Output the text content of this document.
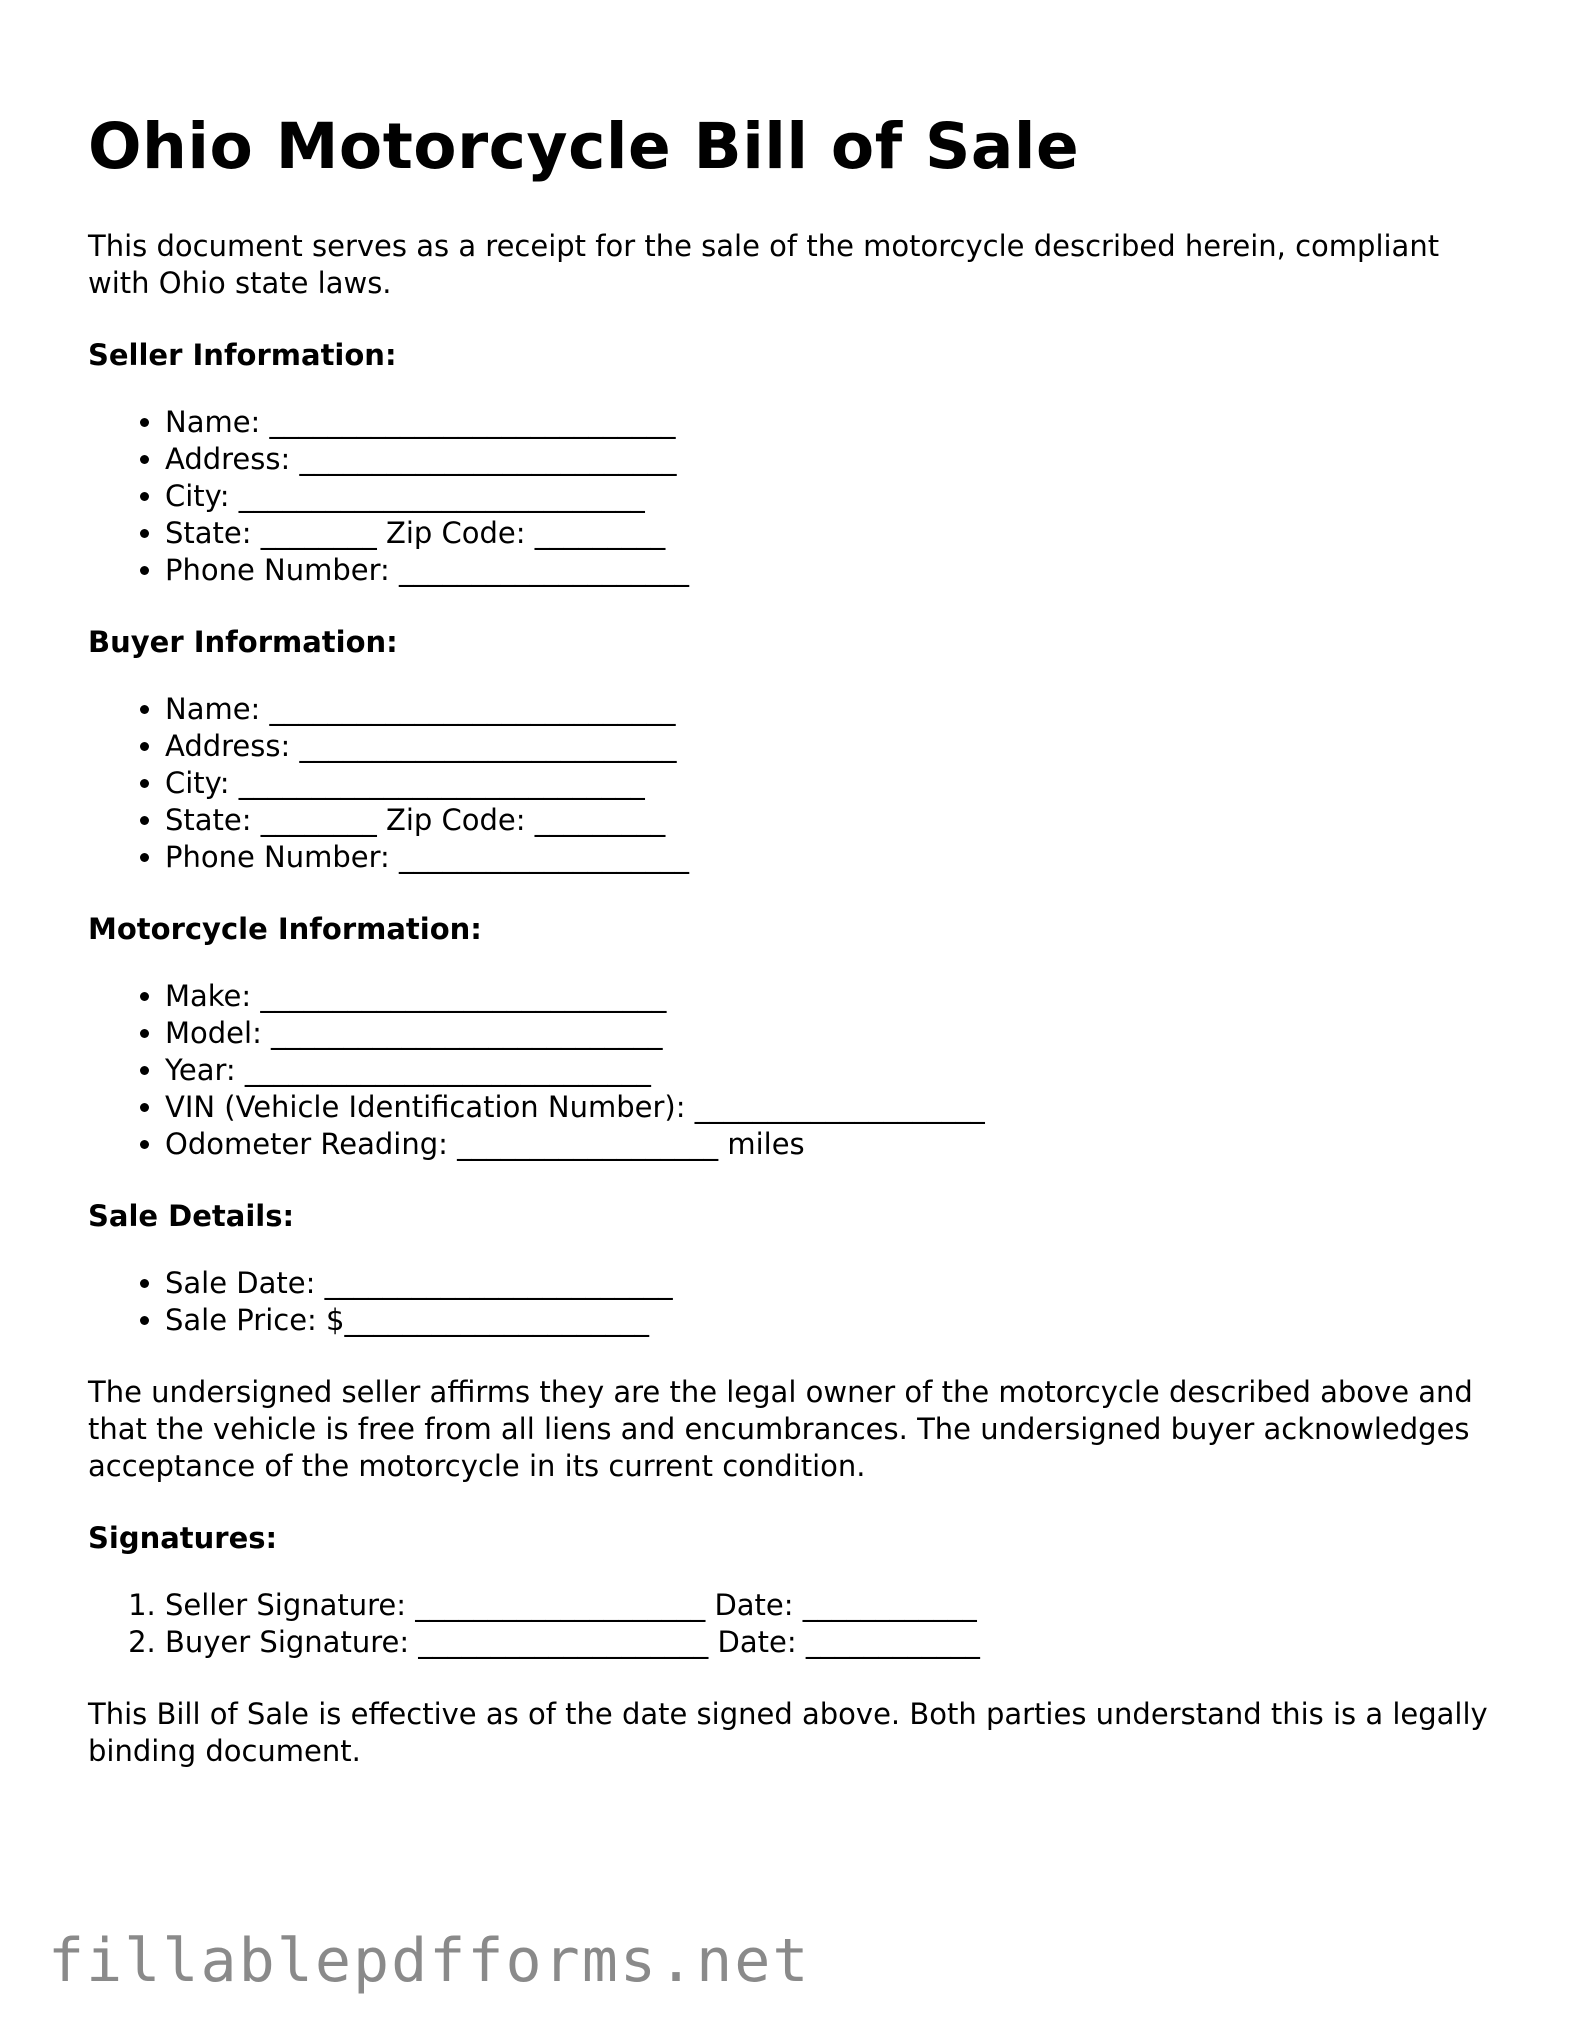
Ohio Motorcycle Bill of Sale

This document serves as a receipt for the sale of the motorcycle described herein, compliant with Ohio state laws.

Seller Information:
• Name: ____________________________
• Address: __________________________
• City: ____________________________
• State: ________ Zip Code: _________
• Phone Number: ____________________
Buyer Information:
• Name: ____________________________
• Address: __________________________
• City: ____________________________
• State: ________ Zip Code: _________
• Phone Number: ____________________
Motorcycle Information:
• Make: ____________________________
• Model: ___________________________
• Year: ____________________________
• VIN (Vehicle Identification Number): ____________________
• Odometer Reading: __________________ miles
Sale Details:
• Sale Date: ________________________
• Sale Price: $_____________________

The undersigned seller affirms they are the legal owner of the motorcycle described above and that the vehicle is free from all liens and encumbrances. The undersigned buyer acknowledges acceptance of the motorcycle in its current condition.

Signatures:
1. Seller Signature: ____________________ Date: ____________
2. Buyer Signature: ____________________ Date: ____________

This Bill of Sale is effective as of the date signed above. Both parties understand this is a legally binding document.

fillablepdfforms.net
